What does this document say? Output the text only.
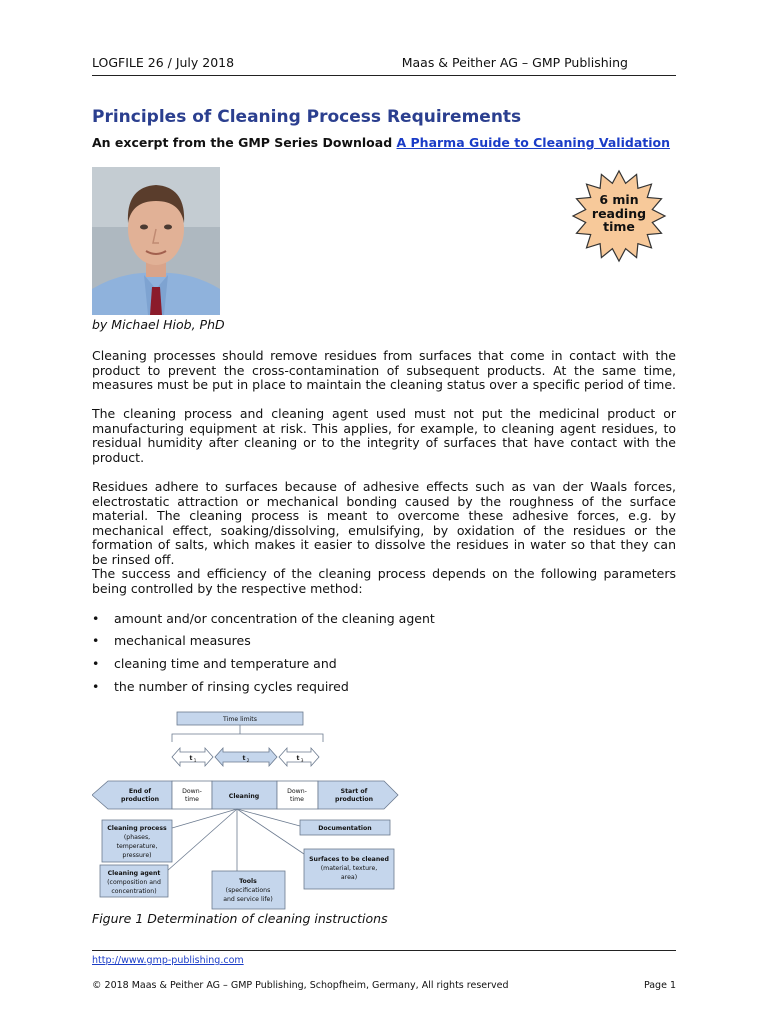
LOGFILE 26 / July 2018	Maas & Peither AG – GMP Publishing
Principles of Cleaning Process Requirements
An excerpt from the GMP Series Download A Pharma Guide to Cleaning Validation
by Michael Hiob, PhD
6 min
reading
time
Cleaning processes should remove residues from surfaces that come in contact with the product to prevent the cross-contamination of subsequent products. At the same time, measures must be put in place to maintain the cleaning status over a specific period of time.
The cleaning process and cleaning agent used must not put the medicinal product or manufacturing equipment at risk. This applies, for example, to cleaning agent residues, to residual humidity after cleaning or to the integrity of surfaces that have contact with the product.
Residues adhere to surfaces because of adhesive effects such as van der Waals forces, electrostatic attraction or mechanical bonding caused by the roughness of the surface material. The cleaning process is meant to overcome these adhesive forces, e.g. by mechanical effect, soaking/dissolving, emulsifying, by oxidation of the residues or the formation of salts, which makes it easier to dissolve the residues in water so that they can be rinsed off.
The success and efficiency of the cleaning process depends on the following parameters being controlled by the respective method:
•	amount and/or concentration of the cleaning agent
•	mechanical measures
•	cleaning time and temperature and
•	the number of rinsing cycles required
Time limits
t 1	t 2	t 3
End of
production
Down-
time	Cleaning
Down-
time
Start of
production
Cleaning process
(phases,
temperature,
pressure)
Cleaning agent
(composition and
concentration)
Tools
(specifications
and service life)
Documentation
Surfaces to be cleaned
(material, texture,
area)
Figure 1 Determination of cleaning instructions
http://www.gmp-publishing.com
© 2018 Maas & Peither AG – GMP Publishing, Schopfheim, Germany, All rights reserved	Page 1
